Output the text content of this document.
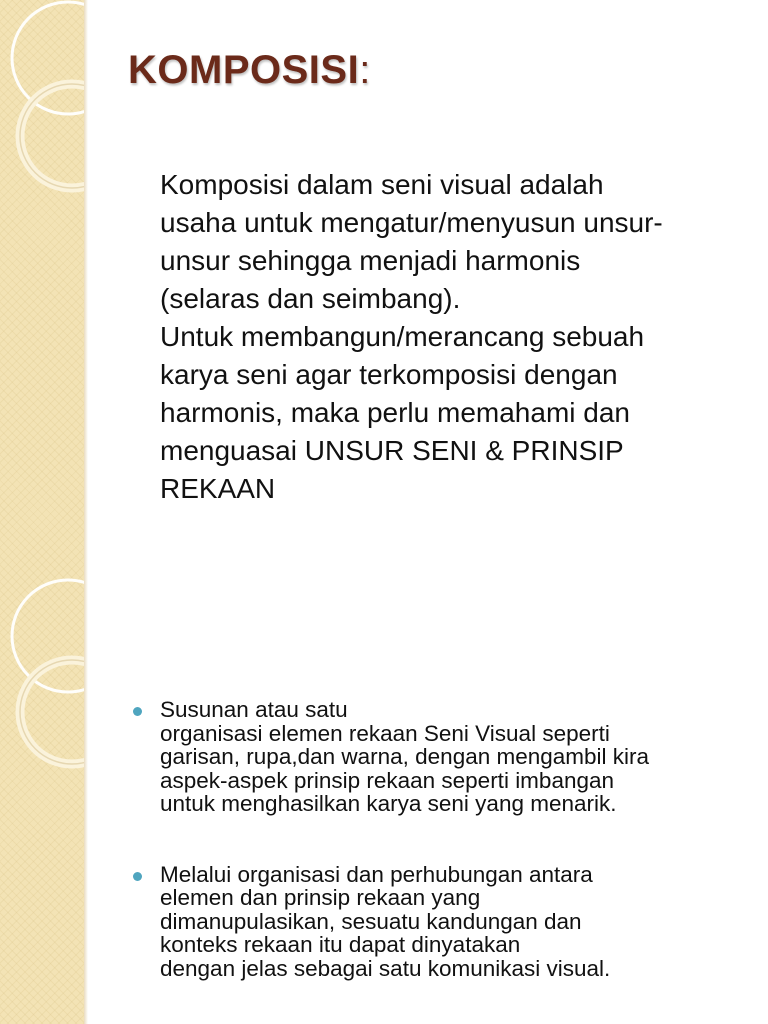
KOMPOSISI:

Komposisi dalam seni visual adalah

usaha untuk mengatur/menyusun unsur-

unsur sehingga menjadi harmonis

(selaras dan seimbang).

Untuk membangun/merancang sebuah

karya seni agar terkomposisi dengan

harmonis, maka perlu memahami dan

menguasai UNSUR SENI & PRINSIP

REKAAN

Susunan atau satu
organisasi elemen rekaan Seni Visual seperti
garisan, rupa,dan warna, dengan mengambil kira
aspek-aspek prinsip rekaan seperti imbangan
untuk menghasilkan karya seni yang menarik.
Melalui organisasi dan perhubungan antara
elemen dan prinsip rekaan yang
dimanupulasikan, sesuatu kandungan dan
konteks rekaan itu dapat dinyatakan
dengan jelas sebagai satu komunikasi visual.
